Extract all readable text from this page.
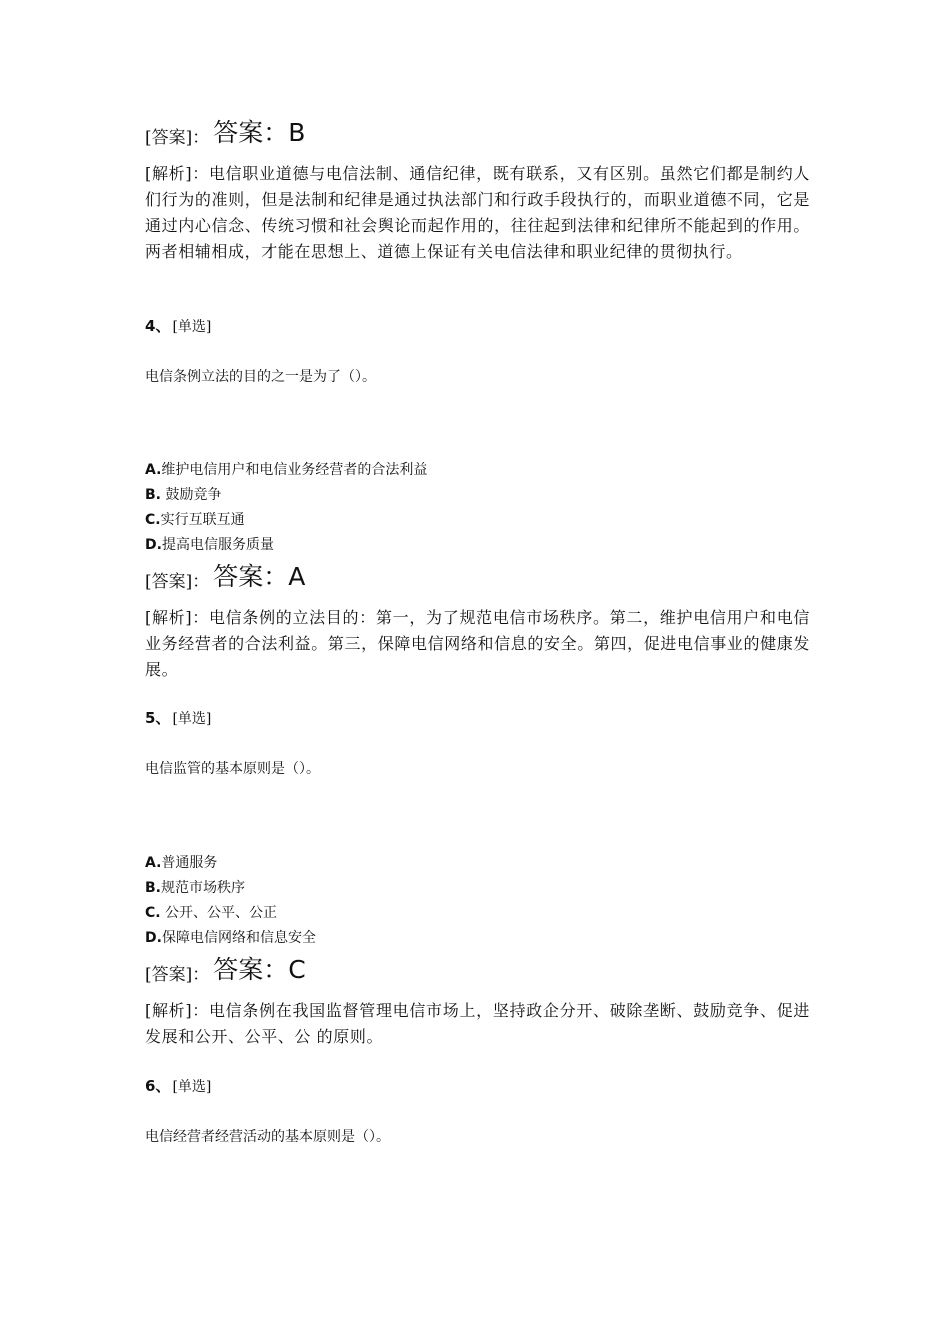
[答案]： 答案：B
[解析]：电信职业道德与电信法制、通信纪律，既有联系，又有区别。虽然它们都是制约人们行为的准则，但是法制和纪律是通过执法部门和行政手段执行的，而职业道德不同，它是通过内心信念、传统习惯和社会舆论而起作用的，往往起到法律和纪律所不能起到的作用。两者相辅相成，才能在思想上、道德上保证有关电信法律和职业纪律的贯彻执行。
4、 [单选]
电信条例立法的目的之一是为了（）。
A.维护电信用户和电信业务经营者的合法利益
B. 鼓励竞争
C.实行互联互通
D.提高电信服务质量
[答案]： 答案：A
[解析]：电信条例的立法目的：第一，为了规范电信市场秩序。第二，维护电信用户和电信业务经营者的合法利益。第三，保障电信网络和信息的安全。第四，促进电信事业的健康发展。
5、 [单选]
电信监管的基本原则是（）。
A.普通服务
B.规范市场秩序
C. 公开、公平、公正
D.保障电信网络和信息安全
[答案]： 答案：C
[解析]：电信条例在我国监督管理电信市场上，坚持政企分开、破除垄断、鼓励竞争、促进发展和公开、公平、公 的原则。
6、 [单选]
电信经营者经营活动的基本原则是（）。
